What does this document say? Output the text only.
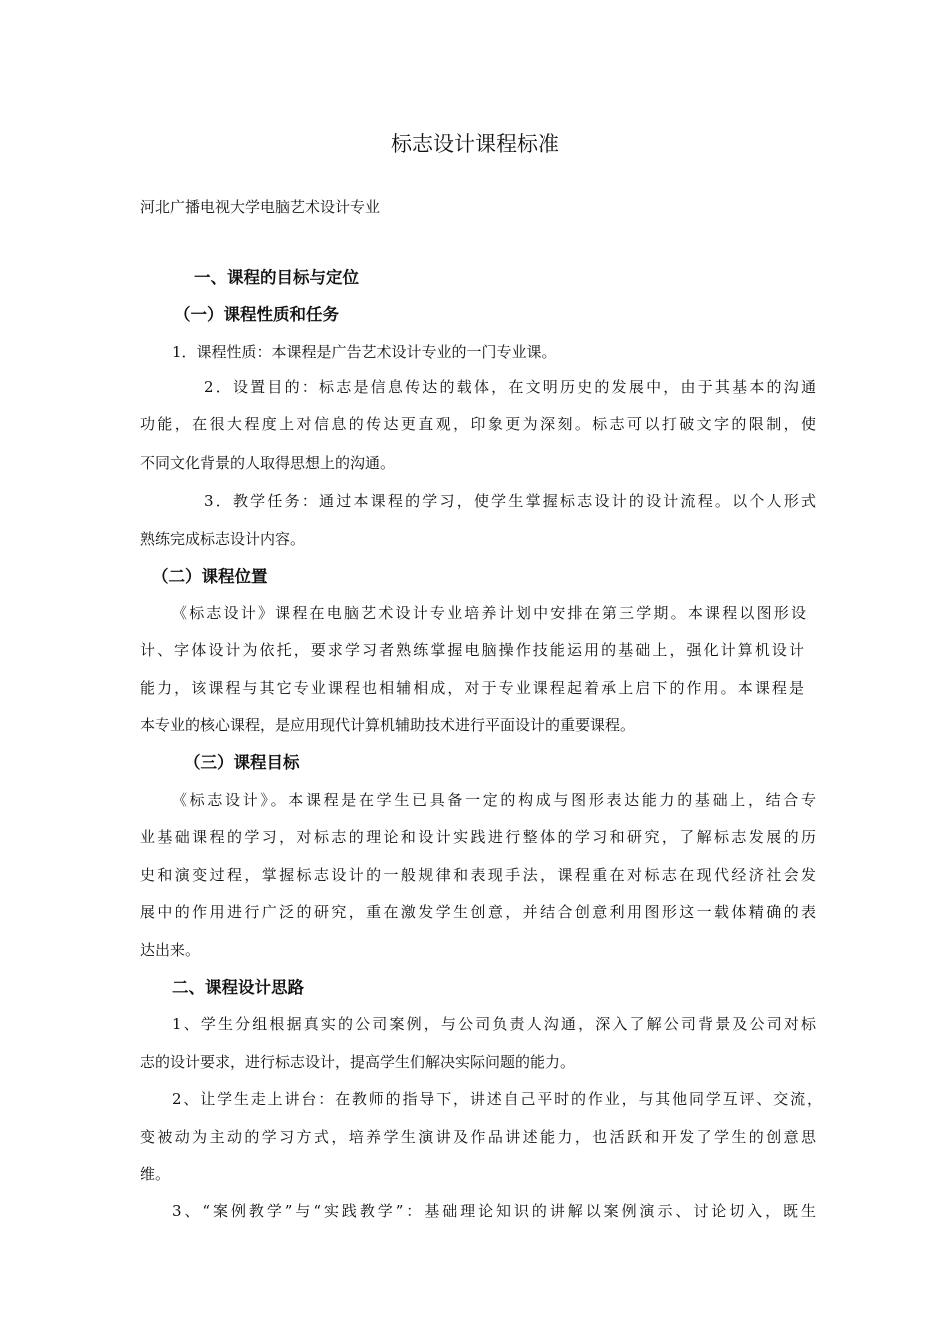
标志设计课程标准
河北广播电视大学电脑艺术设计专业
一、课程的目标与定位
（一）课程性质和任务
1．课程性质：本课程是广告艺术设计专业的一门专业课。
2．设置目的：标志是信息传达的载体，在文明历史的发展中，由于其基本的沟通
功能，在很大程度上对信息的传达更直观，印象更为深刻。标志可以打破文字的限制，使
不同文化背景的人取得思想上的沟通。
3．教学任务：通过本课程的学习，使学生掌握标志设计的设计流程。以个人形式
熟练完成标志设计内容。
（二）课程位置
《标志设计》课程在电脑艺术设计专业培养计划中安排在第三学期。本课程以图形设
计、字体设计为依托，要求学习者熟练掌握电脑操作技能运用的基础上，强化计算机设计
能力，该课程与其它专业课程也相辅相成，对于专业课程起着承上启下的作用。本课程是
本专业的核心课程，是应用现代计算机辅助技术进行平面设计的重要课程。
（三）课程目标
《标志设计》。本课程是在学生已具备一定的构成与图形表达能力的基础上，结合专
业基础课程的学习，对标志的理论和设计实践进行整体的学习和研究，了解标志发展的历
史和演变过程，掌握标志设计的一般规律和表现手法，课程重在对标志在现代经济社会发
展中的作用进行广泛的研究，重在激发学生创意，并结合创意利用图形这一载体精确的表
达出来。
二、课程设计思路
1、学生分组根据真实的公司案例，与公司负责人沟通，深入了解公司背景及公司对标
志的设计要求，进行标志设计，提高学生们解决实际问题的能力。
2、让学生走上讲台：在教师的指导下，讲述自己平时的作业，与其他同学互评、交流，
变被动为主动的学习方式，培养学生演讲及作品讲述能力，也活跃和开发了学生的创意思
维。
3、“案例教学”与“实践教学”：基础理论知识的讲解以案例演示、讨论切入，既生
